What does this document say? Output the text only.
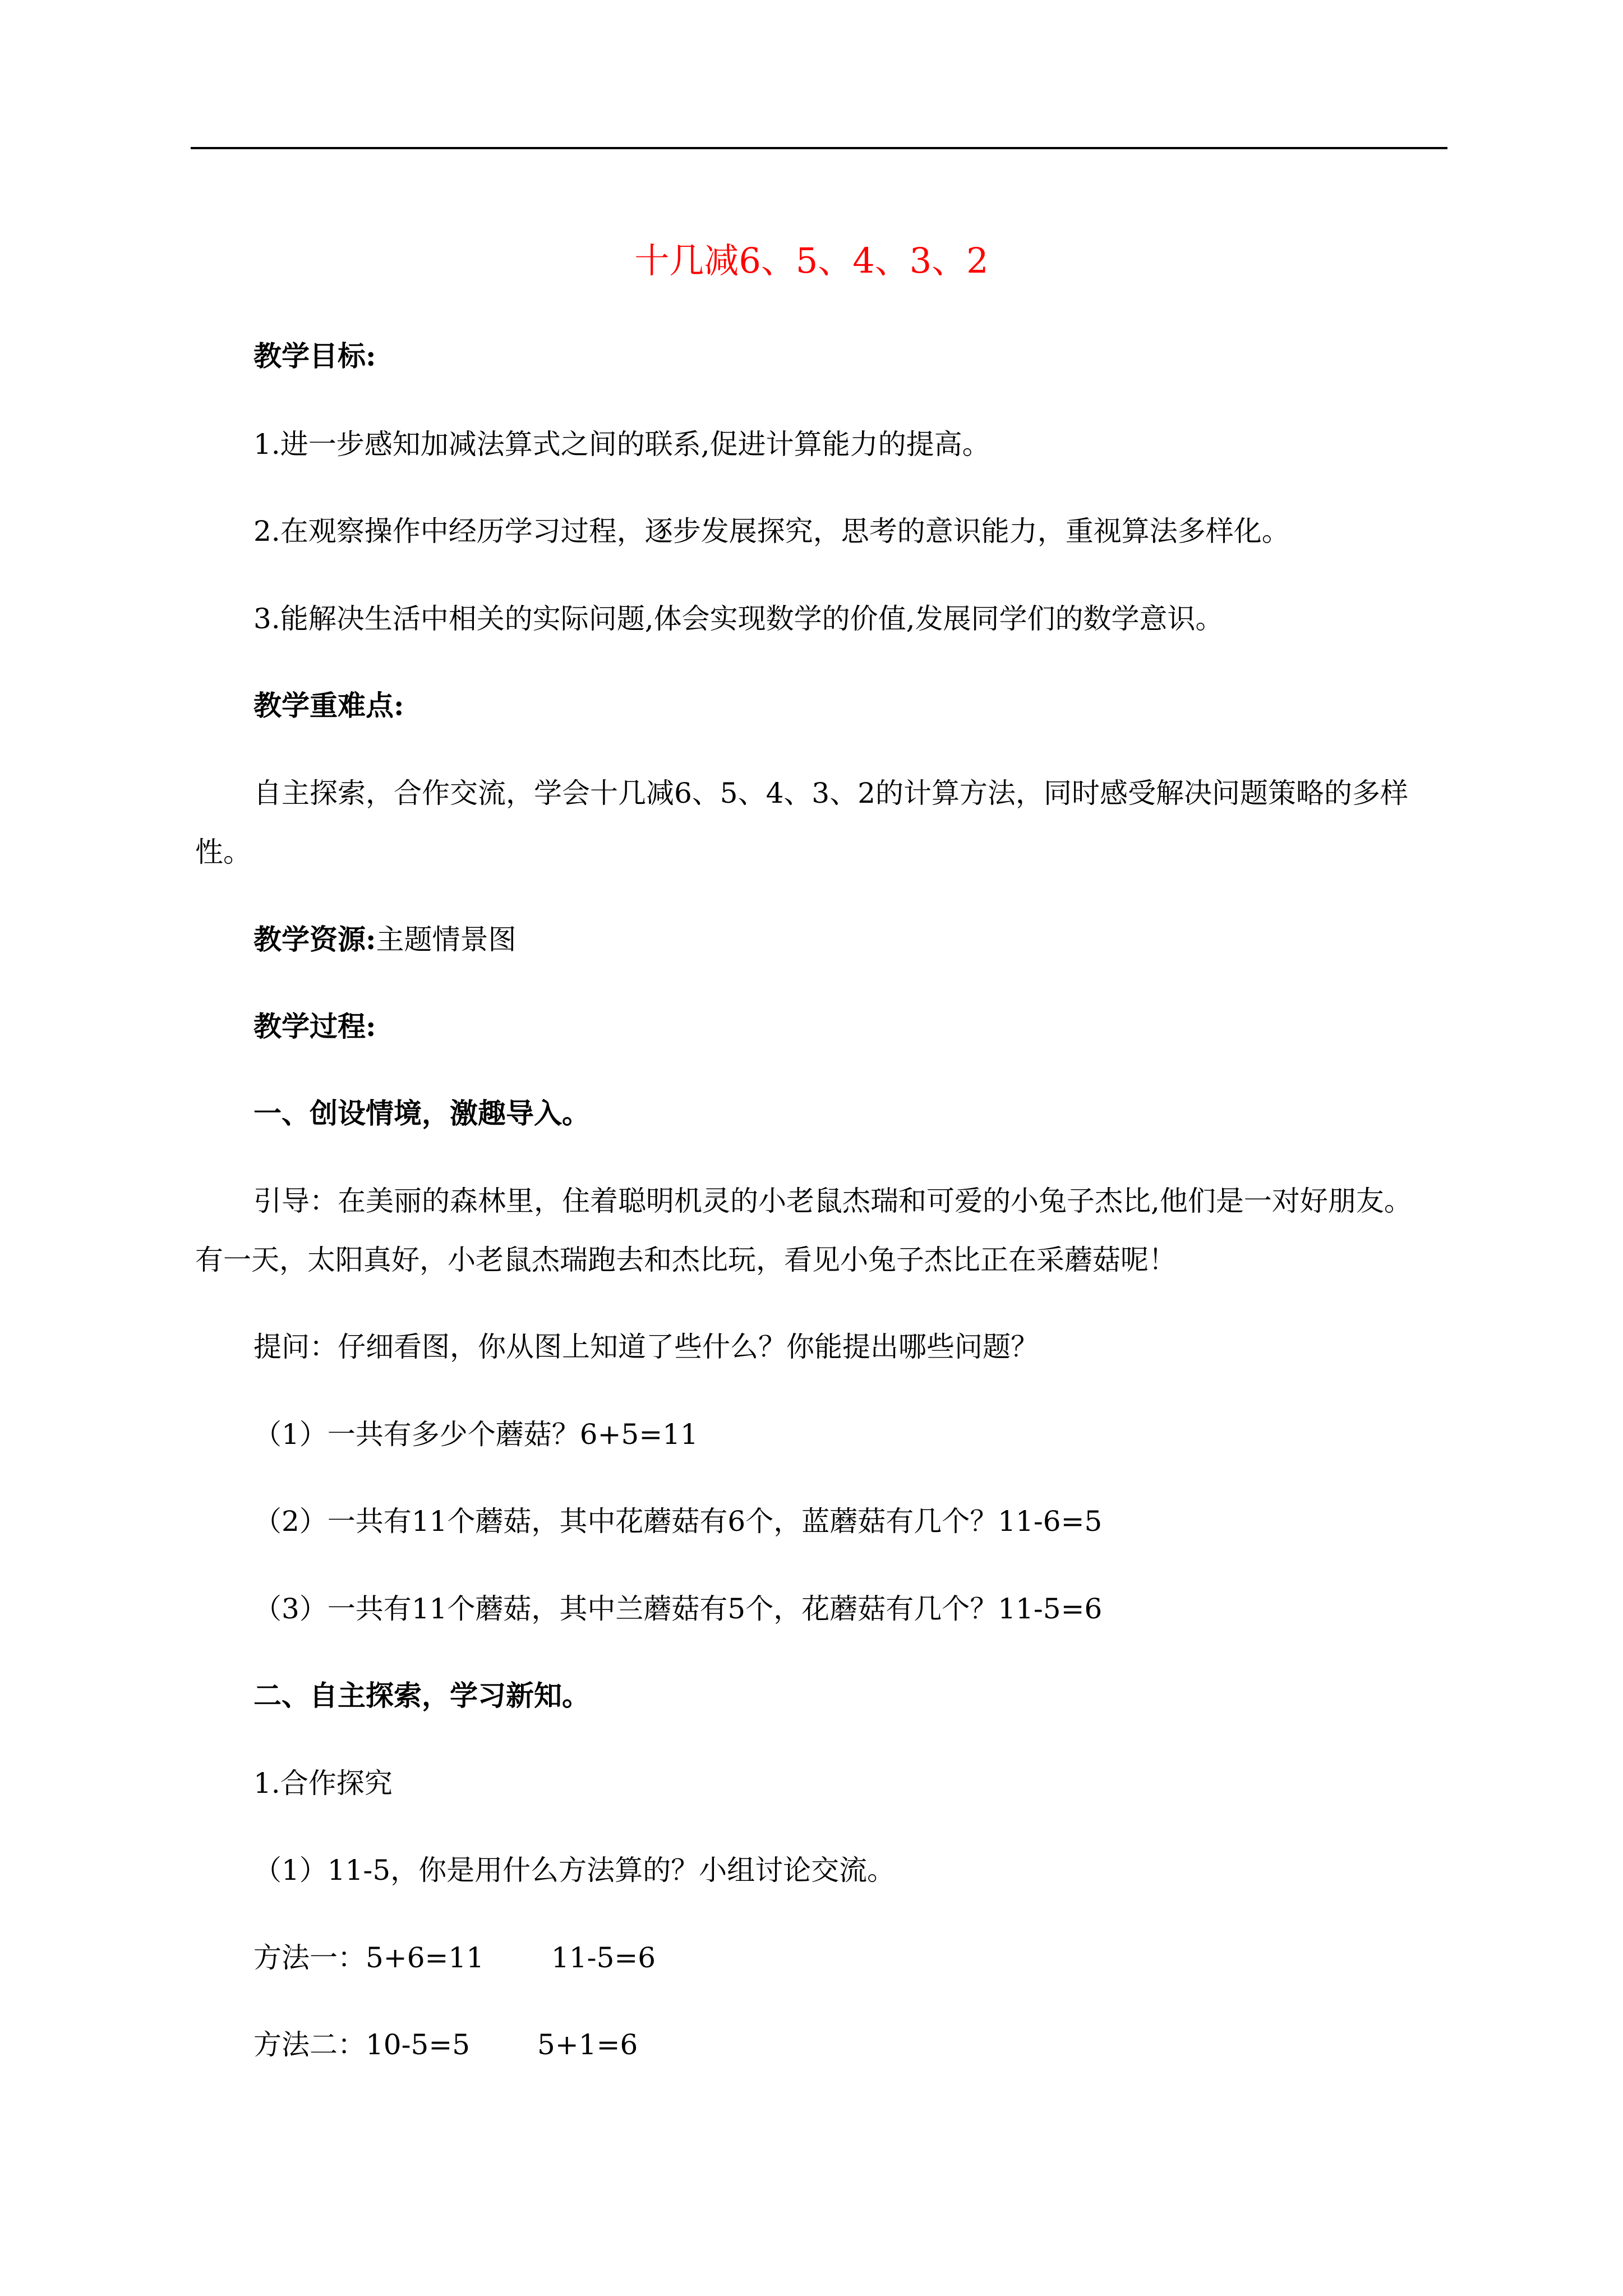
十几减6、5、4、3、2
教学目标:
1.进一步感知加减法算式之间的联系,促进计算能力的提高。
2.在观察操作中经历学习过程，逐步发展探究，思考的意识能力，重视算法多样化。
3.能解决生活中相关的实际问题,体会实现数学的价值,发展同学们的数学意识。
教学重难点:
自主探索，合作交流，学会十几减6、5、4、3、2的计算方法，同时感受解决问题策略的多样
性。
教学资源:主题情景图
教学过程:
一、创设情境，激趣导入。
引导：在美丽的森林里，住着聪明机灵的小老鼠杰瑞和可爱的小兔子杰比,他们是一对好朋友。
有一天，太阳真好，小老鼠杰瑞跑去和杰比玩，看见小兔子杰比正在采蘑菇呢！
提问：仔细看图，你从图上知道了些什么？你能提出哪些问题？
（1）一共有多少个蘑菇？6+5=11
（2）一共有11个蘑菇，其中花蘑菇有6个，蓝蘑菇有几个？11-6=5
（3）一共有11个蘑菇，其中兰蘑菇有5个，花蘑菇有几个？11-5=6
二、自主探索，学习新知。
1.合作探究
（1）11-5，你是用什么方法算的？小组讨论交流。
方法一：5+6=11 11-5=6
方法二：10-5=5 5+1=6
